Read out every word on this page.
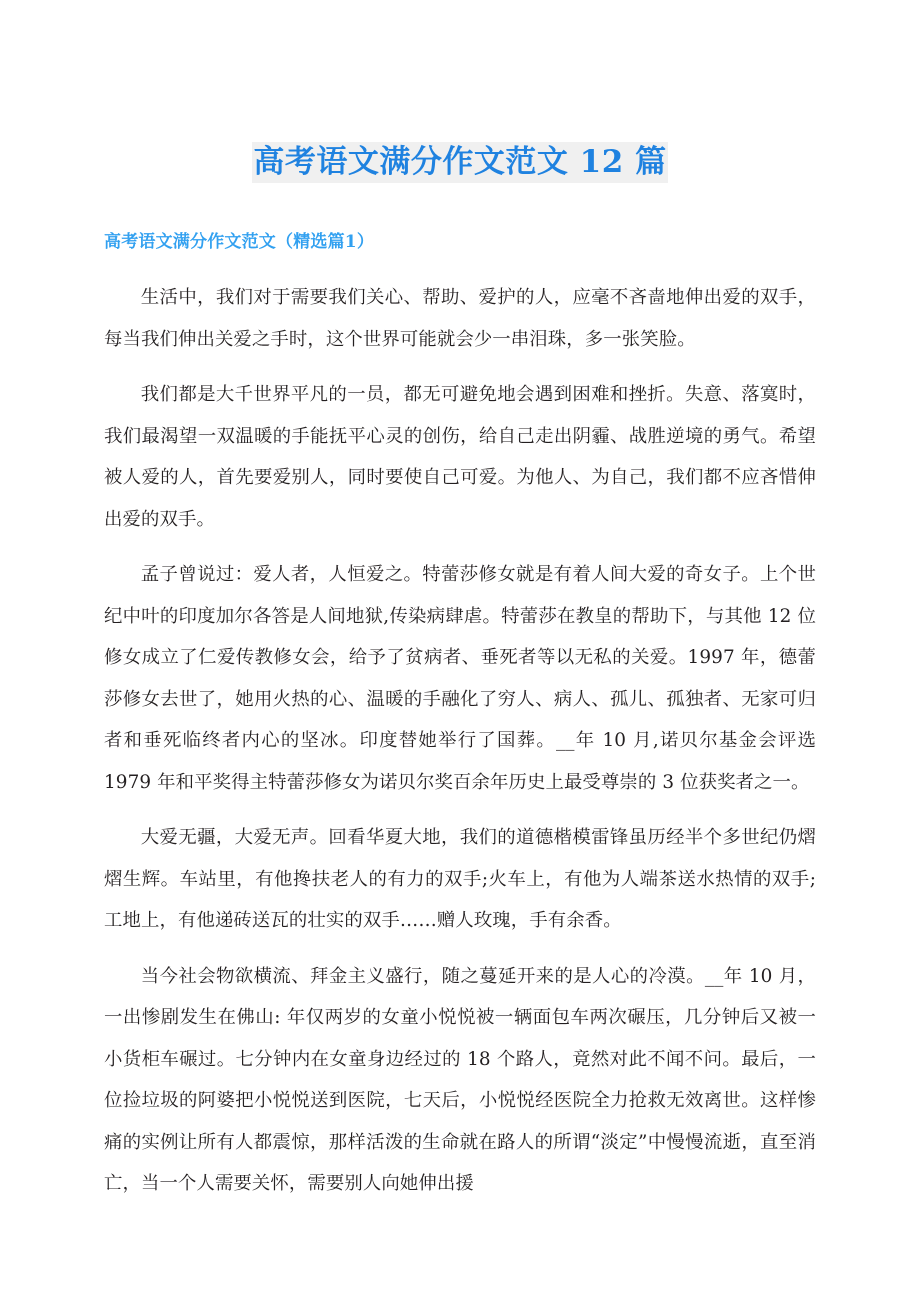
高考语文满分作文范文 12 篇
高考语文满分作文范文（精选篇1）

生活中，我们对于需要我们关心、帮助、爱护的人，应毫不吝啬地伸出爱的双手，每当我们伸出关爱之手时，这个世界可能就会少一串泪珠，多一张笑脸。

我们都是大千世界平凡的一员，都无可避免地会遇到困难和挫折。失意、落寞时，我们最渴望一双温暖的手能抚平心灵的创伤，给自己走出阴霾、战胜逆境的勇气。希望被人爱的人，首先要爱别人，同时要使自己可爱。为他人、为自己，我们都不应吝惜伸出爱的双手。

孟子曾说过：爱人者，人恒爱之。特蕾莎修女就是有着人间大爱的奇女子。上个世纪中叶的印度加尔各答是人间地狱,传染病肆虐。特蕾莎在教皇的帮助下，与其他 12 位修女成立了仁爱传教修女会，给予了贫病者、垂死者等以无私的关爱。1997 年，德蕾莎修女去世了，她用火热的心、温暖的手融化了穷人、病人、孤儿、孤独者、无家可归者和垂死临终者内心的坚冰。印度替她举行了国葬。__年 10 月,诺贝尔基金会评选 1979 年和平奖得主特蕾莎修女为诺贝尔奖百余年历史上最受尊崇的 3 位获奖者之一。

大爱无疆，大爱无声。回看华夏大地，我们的道德楷模雷锋虽历经半个多世纪仍熠熠生辉。车站里，有他搀扶老人的有力的双手;火车上，有他为人端茶送水热情的双手;工地上，有他递砖送瓦的壮实的双手……赠人玫瑰，手有余香。

当今社会物欲横流、拜金主义盛行，随之蔓延开来的是人心的冷漠。__年 10 月，一出惨剧发生在佛山: 年仅两岁的女童小悦悦被一辆面包车两次碾压，几分钟后又被一小货柜车碾过。七分钟内在女童身边经过的 18 个路人，竟然对此不闻不问。最后，一位捡垃圾的阿婆把小悦悦送到医院，七天后，小悦悦经医院全力抢救无效离世。这样惨痛的实例让所有人都震惊，那样活泼的生命就在路人的所谓“淡定”中慢慢流逝，直至消亡，当一个人需要关怀，需要别人向她伸出援
